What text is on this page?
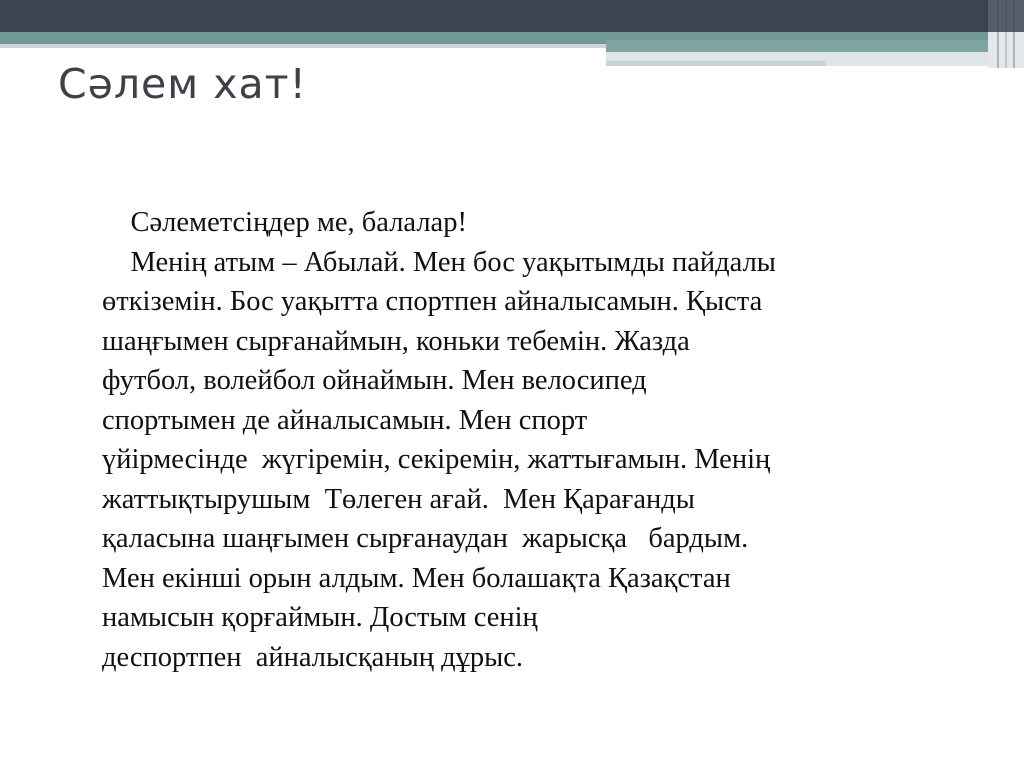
Сәлем хат!

Сәлеметсіңдер ме, балалар!

Менің атым – Абылай. Мен бос уақытымды пайдалы

өткіземін. Бос уақытта спортпен айналысамын. Қыста

шаңғымен сырғанаймын, коньки тебемін. Жазда

футбол, волейбол ойнаймын. Мен велосипед

спортымен де айналысамын. Мен спорт

үйірмесінде  жүгіремін, секіремін, жаттығамын. Менің

жаттықтырушым  Төлеген ағай.  Мен Қарағанды

қаласына шаңғымен сырғанаудан  жарысқа   бардым.

Мен екінші орын алдым. Мен болашақта Қазақстан

намысын қорғаймын. Достым сенің

деспортпен  айналысқаның дұрыс.
